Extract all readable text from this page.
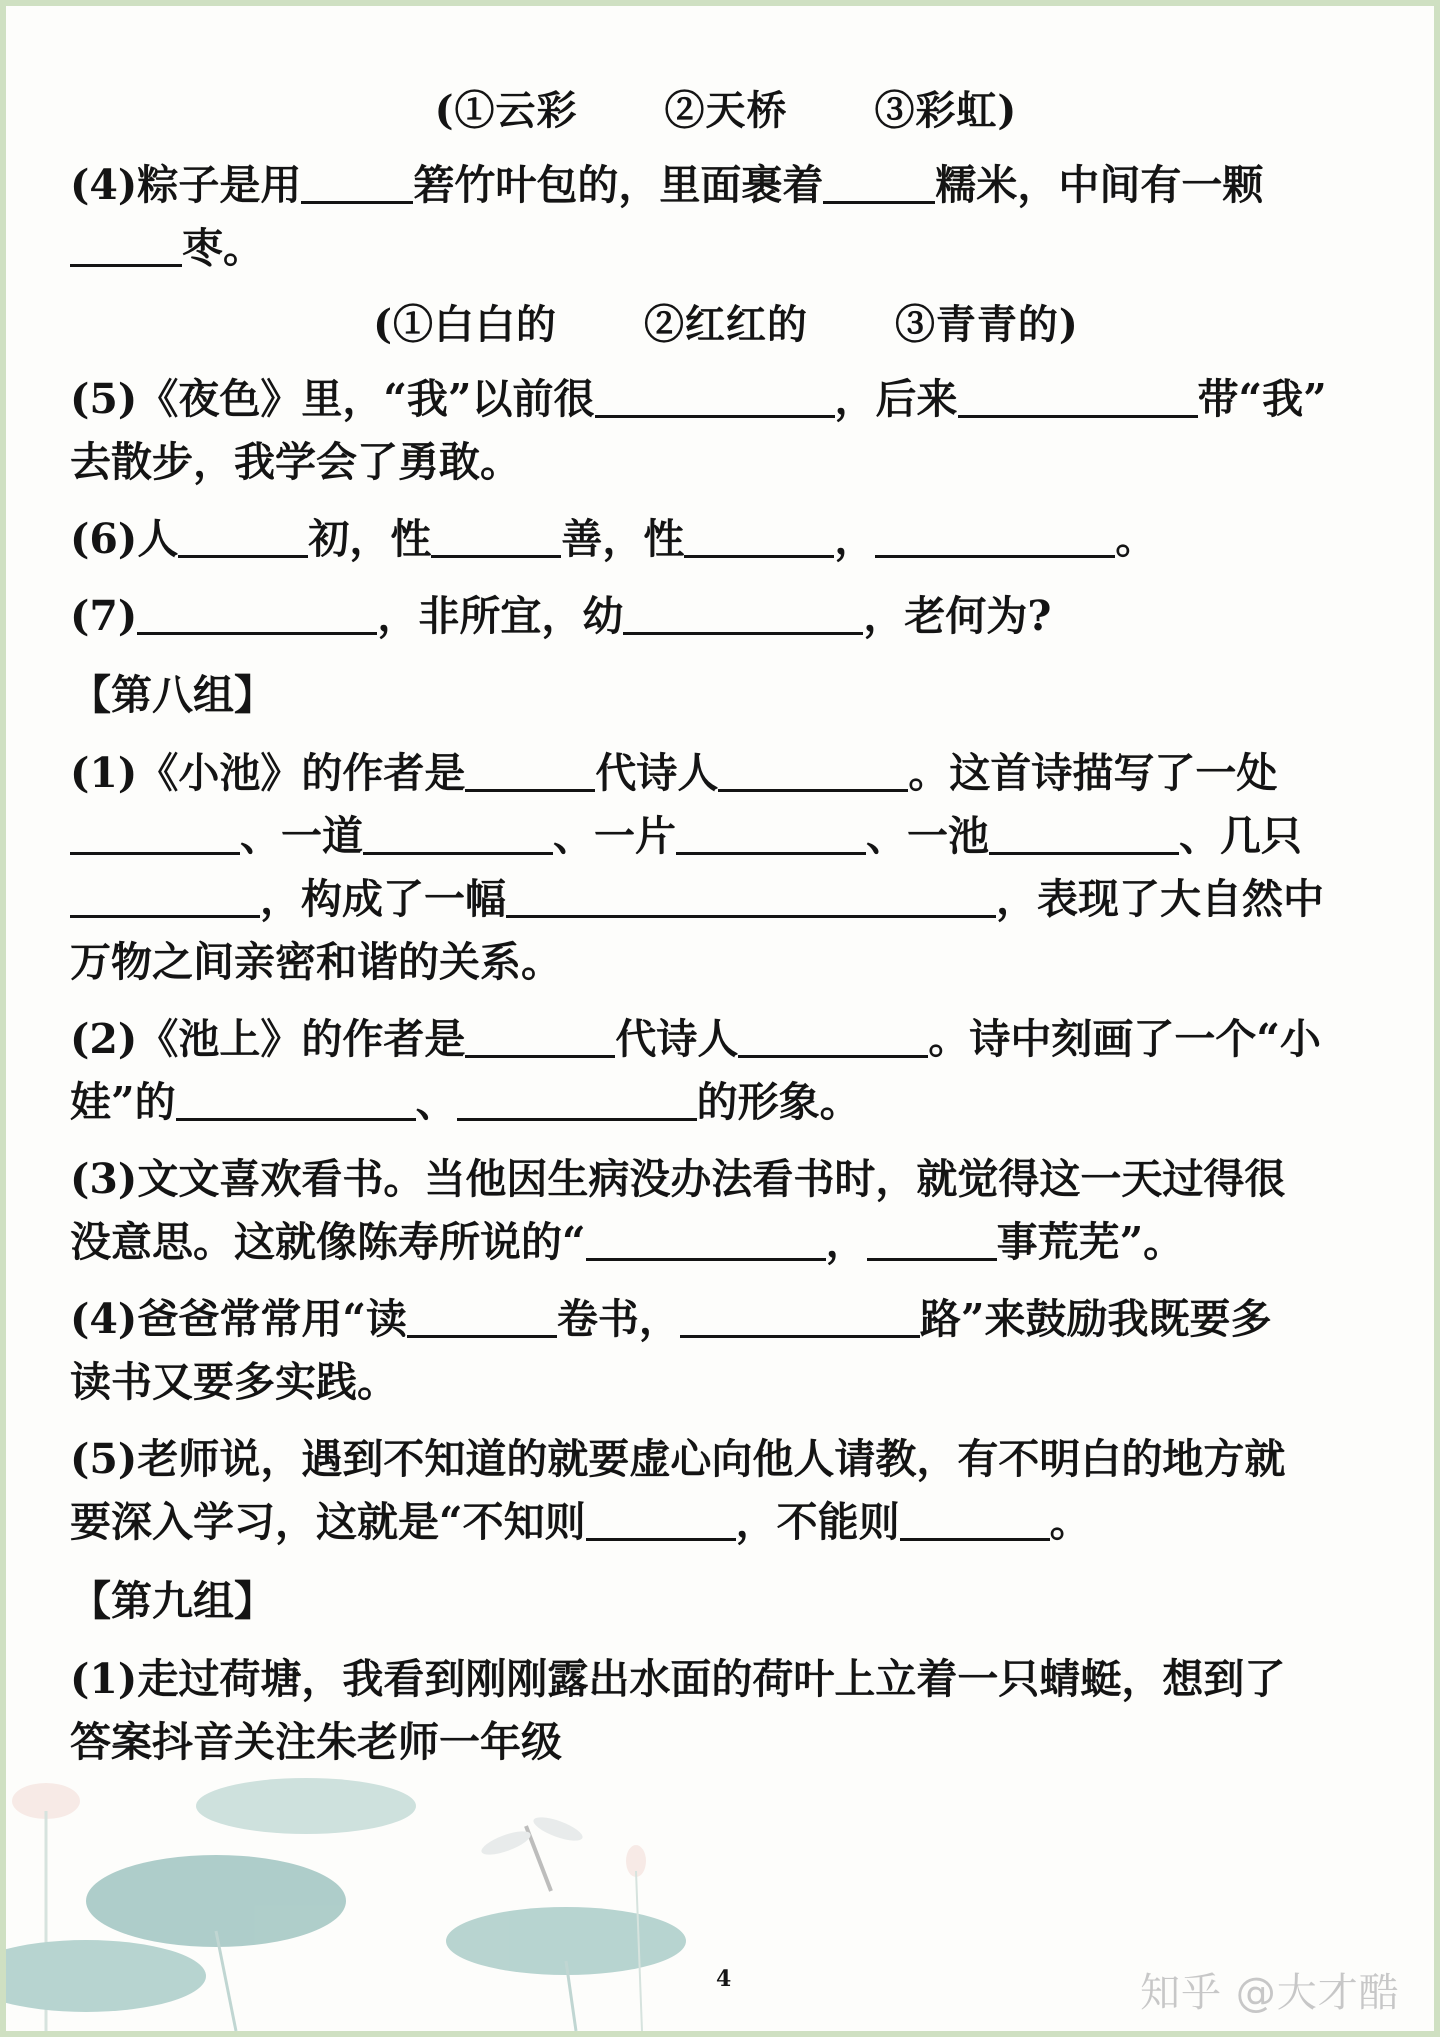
(①云彩 ②天桥 ③彩虹)

(4)粽子是用	箬竹叶包的，里面裹着	糯米，中间有一颗

枣。

(①白白的 ②红红的 ③青青的)

(5)《夜色》里，“我”以前很	，后来	带“我”

去散步，我学会了勇敢。

(6)人	初，性	善，性	，	。

(7)	，非所宜，幼	，老何为?

【第八组】

(1)《小池》的作者是	代诗人	。这首诗描写了一处

、一道	、一片	、一池	、几只

，构成了一幅	，表现了大自然中

万物之间亲密和谐的关系。

(2)《池上》的作者是	代诗人	。诗中刻画了一个“小

娃”的	、	的形象。

(3)文文喜欢看书。当他因生病没办法看书时，就觉得这一天过得很

没意思。这就像陈寿所说的“	，	事荒芜”。

(4)爸爸常常用“读	卷书，	路”来鼓励我既要多

读书又要多实践。

(5)老师说，遇到不知道的就要虚心向他人请教，有不明白的地方就

要深入学习，这就是“不知则	，不能则	。

【第九组】

(1)走过荷塘，我看到刚刚露出水面的荷叶上立着一只蜻蜓，想到了

答案抖音关注朱老师一年级

4	知乎 @大才酷
